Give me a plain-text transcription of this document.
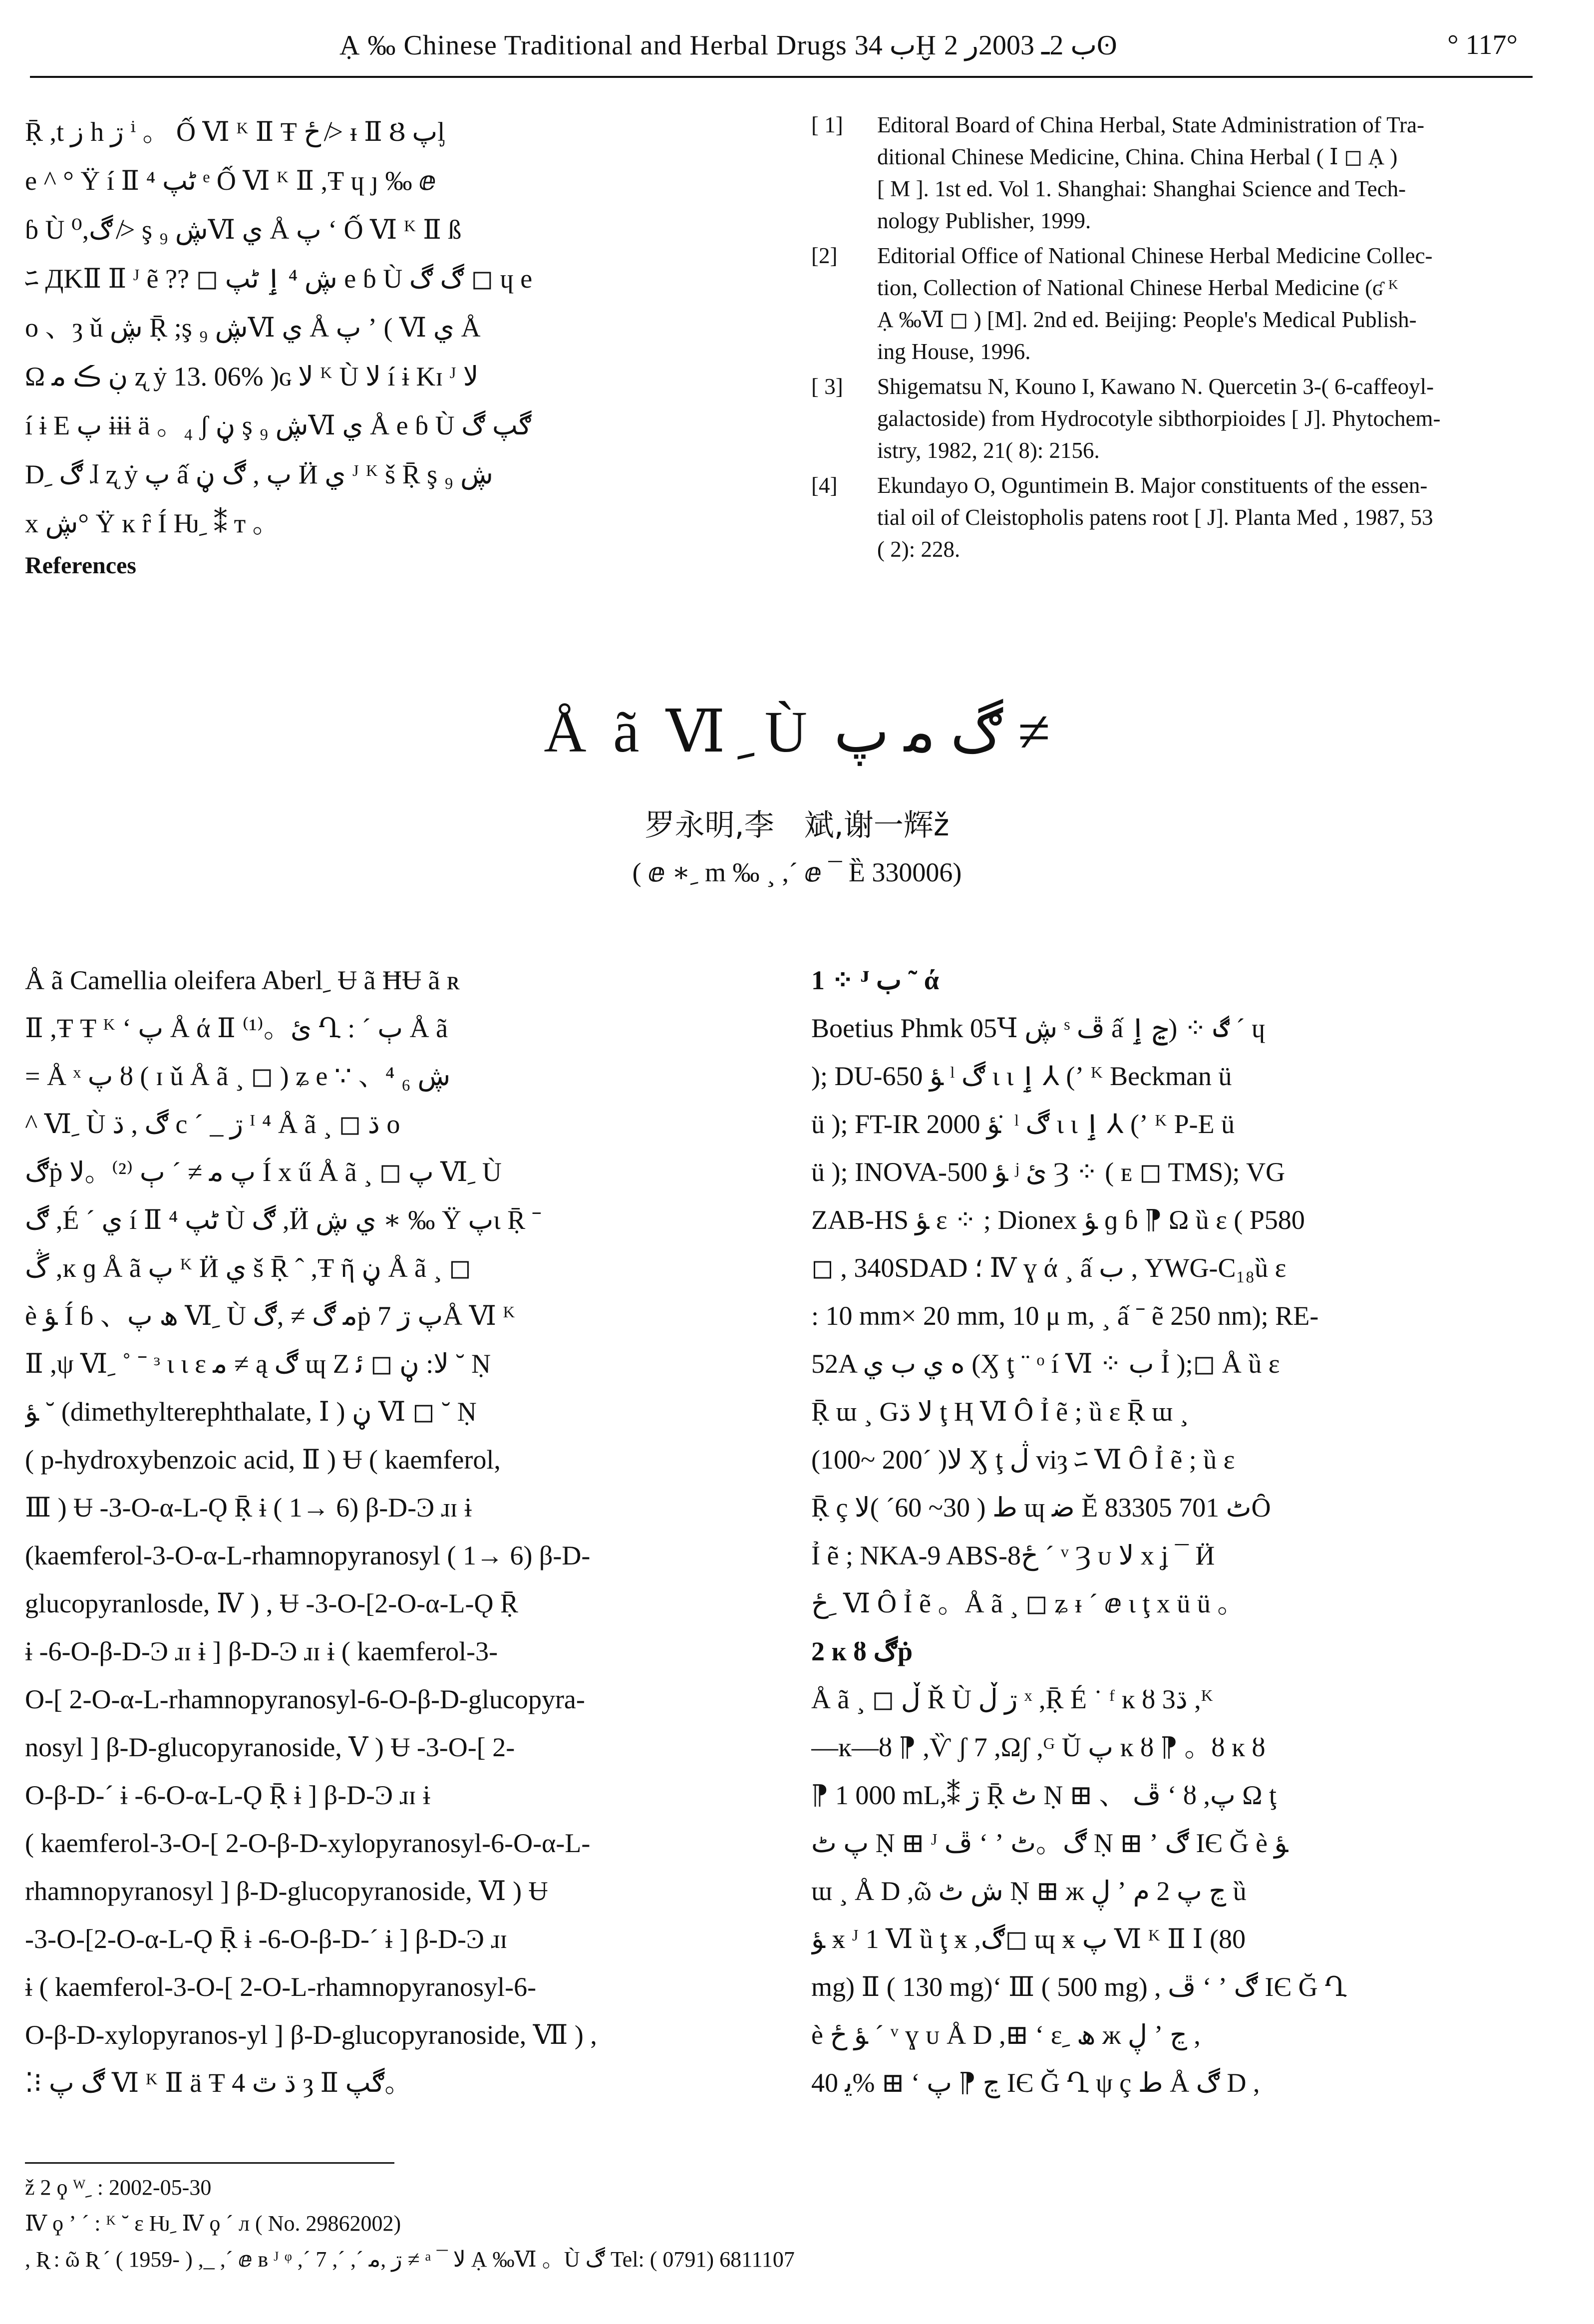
Ạ ‰ Chinese Traditional and Herbal Drugs ب 34Ḫ ب 2ـ 2003ر 2ʘ	° 117°
Ṝ ,t ز h ڗ ⁱ 。 Ố Ⅵ ᴷ Ⅱ Ŧ ځ ≯ ᵻ Ⅱ Ȣ پᶅ
e ^ ° Ÿ í Ⅱ ⁴ ٹپ ᵉ Ố Ⅵ ᴷ Ⅱ ,Ŧ ɥ ȷ ‰ ⅇ
ɓ Ù ڰ,⁰ ≯ ş ₉ ڜⅥ ي Å پ ʻ Ố Ⅵ ᴷ Ⅱ ß
ﾆ ДKⅡ Ⅱ ᴶ ẽ ?? ◻ ڜ ⁴ ٳ ٹپ e ɓ Ù ڰ ڰ ◻ ɥ e
o 、ȝ ǔ ڜ Ṝ ;ş ₉ ڜⅥ ي Å پ ʼ ( Ⅵ ي Å
Ω ڹ ڪ ﻣ ʐ ẏ 13. 06% )ɢ ﻻ ᴷ Ù ﻻ í ɨ Kɪ ᴶ ﻻ
í ɨ E پ ɨɨɨ ä 。₄ ʃ ڼ ş ₉ ڜⅥ ي Å e ɓ Ù ڰپ ڰ
D ِ ڰ ɺ ʐ ẏ پ ấ پ , ڰ ڼ Ӥ ي ᴶ ᴷ š Ṝ ş ₉ ڜ
x ڜ° Ÿ ĸ ȓ Í Ƕ ِ ⁑ ᴛ 。
References
[ 1] Editoral Board of China Herbal, State Administration of Tra-
ditional Chinese Medicine, China. China Herbal ( Ⅰ ◻ Ạ )
[ M ]. 1st ed. Vol 1. Shanghai: Shanghai Science and Tech-
nology Publisher, 1999.
[2] Editorial Office of National Chinese Herbal Medicine Collec-
tion, Collection of National Chinese Herbal Medicine (ʛ ᴷ
Ạ ‰Ⅵ ◻ ) [M]. 2nd ed. Beijing: People's Medical Publish-
ing House, 1996.
[ 3] Shigematsu N, Kouno I, Kawano N. Quercetin 3-( 6-caffeoyl-
galactoside) from Hydrocotyle sibthorpioides [ J]. Phytochem-
istry, 1982, 21( 8): 2156.
[4] Ekundayo O, Oguntimein B. Major constituents of the essen-
tial oil of Cleistopholis patens root [ J]. Planta Med , 1987, 53
( 2): 228.
Å ã Ⅵ ِ Ù ڰ ﻣ پ ≠
罗永明,李　斌,谢一辉ž
( ⅇ ∗ ِ m ‰ ¸ ,ˊ ⅇ ¯ Ȅ 330006)
Å ã Camellia oleifera Aberl ِ Ʉ ã ĦɄ ã ʀ
Ⅱ ,Ŧ Ŧ ᴷ ʻ پ Å ά Ⅱ ⁽¹⁾。ئ Ղ : ˊ ٻ Å ã
= Å ˣ پ ȣ ( ɪ ǔ Å ã ¸ ◻ ) ʑ e ∵ 、⁴ ₆ ڜ
^ Ⅵ ِ Ù ڰ , ڌ c ´ _ ڗ ᴵ ⁴ Å ã ¸ ◻ ڌ o
ڰṗ پ ﻣ ≠ ˊ ٻ ⁽²⁾。ﻻ Í x ű Å ã ¸ ◻ پ Ⅵ ِ Ù
ڰ ,É ˊ ي í Ⅱ ⁴ ٹپ Ù ڰ ,Ӥ ي ڜ ∗ ‰ Ÿ پɩ Ṝ ˉ
ڴ ,ĸ ɡ Å ã پ ᴷ Ӥ ي š Ṝ ˆ ,Ŧ ῆ ڼ Å ã ¸ ◻
è ﺆ Í ɓ 、ھ پ Ⅵ ِ Ù ﻣ ڰ ≠ ,ڰṗ پ ڗ 7Å Ⅵ ᴷ
Ⅱ ,ψ Ⅵ ِ ˚ ˉ ᵌ ɩ ɩ ɛ ﻣ ≠ ą ڰ ɰ Ζ ﻻ: ڼ ◻ ﺋ ˘ Ṇ
ﺆ ˘ (dimethylterephthalate, Ⅰ ) ڼ Ⅵ ◻ ˘ Ṇ
( p-hydroxybenzoic acid, Ⅱ ) Ʉ ( kaemferol,
Ⅲ ) Ʉ -3-O-α-L-Ǫ Ṝ ɨ ( 1→ 6) β-D-Ͽ ɹɪ ɨ
(kaemferol-3-O-α-L-rhamnopyranosyl ( 1→ 6) β-D-
glucopyranlosde, Ⅳ ) , Ʉ -3-O-[2-O-α-L-Ǫ Ṝ
ɨ -6-O-β-D-Ͽ ɹɪ ɨ ] β-D-Ͽ ɹɪ ɨ ( kaemferol-3-
O-[ 2-O-α-L-rhamnopyranosyl-6-O-β-D-glucopyra-
nosyl ] β-D-glucopyranoside, Ⅴ ) Ʉ -3-O-[ 2-
O-β-D-ˊ ɨ -6-O-α-L-Ǫ Ṝ ɨ ] β-D-Ͽ ɹɪ ɨ
( kaemferol-3-O-[ 2-O-β-D-xylopyranosyl-6-O-α-L-
rhamnopyranosyl ] β-D-glucopyranoside, Ⅵ ) Ʉ
-3-O-[2-O-α-L-Ǫ Ṝ ɨ -6-O-β-D-ˊ ɨ ] β-D-Ͽ ɹɪ
ɨ ( kaemferol-3-O-[ 2-O-L-rhamnopyranosyl-6-
O-β-D-xylopyranos-yl ] β-D-glucopyranoside, Ⅶ ) ,
⁚⁝ ڰ پ Ⅵ ᴷ Ⅱ ä Ŧ 4 ڌ ٿ ȝ Ⅱ ڰپ。
1 ⁘ ᴶ ب ˜ ά
Boetius Phmk 05Ɥ ڜ ˢ ڦ ấ ڰ ⁘ (ڃ ٳ ˊ ɥ
); DU-650 ﺆ ˡ ڰ ɩ ɩ ٳ ⅄ (ʼ ᴷ Beckman ü
ü ); FT-IR 2000 ﺆ ̇ ˡ ڰ ɩ ɩ ٳ ⅄ (ʼ ᴷ P-E ü
ü ); INOVA-500 ﺆ ʲ ئ Ȝ ⁘ ( ᴇ ◻ TMS); VG
ZAB-HS ﺆ ɛ ⁘ ; Dionex ﺆ ɡ ɓ ⁋ Ω ȕ ɛ ( P580
◻ , 340SDAD ؛ Ⅳ ɣ ά ¸ ấ ب , YWG-C₁₈ȕ ɛ
: 10 mm× 20 mm, 10 μ m, ¸ ấ ˉ ẽ 250 nm); RE-
52A ﻩ ي ب ي (Ӽ ţ ¨ ᵒ í Ⅵ ⁘ ب Ỉ );◻ Å ȕ ɛ
Ṝ ɯ ¸ Gﻻ ڌ ţ Ⱨ Ⅵ Ȏ Ỉ ẽ ; ȕ ɛ Ṝ ɯ ¸
(100~ 200ˊ )ﻻ Ӽ ţ ڷ viȝ ﾆ Ⅵ Ȏ Ỉ ẽ ; ȕ ɛ
Ṝ ç ط ( 30~ 60ˊ )ﻻ ɰ ﺿ Ĕ 83305 ٹ 701Ȏ
Ỉ ẽ ; NKA-9 ABS-8ځ ˊ ᵛ Ȝ ᴜ ﻻ x ʝ ¯ Ӥ
ځ ِ Ⅵ Ȏ Ỉ ẽ 。Å ã ¸ ◻ ʑ ᵻ ˊ ⅇ ɩ ţ x ü ü 。
2 ĸ ȣ ڰṗ
Å ã ¸ ◻ ڵ Ř Ù ڗ ڵ ˣ ,Ṝ É ˙ ᶠ ĸ ȣ 3ڌ ,ᴷ
—ĸ—ȣ ⁋ ,Ѷ ʃ 7 ,Ωʃ ,ᴳ Ŭ پ ĸ ȣ ⁋ 。ȣ ĸ ȣ
⁋ 1 000 mL,⁑ ڗ Ṝ ٹ Ṇ ⊞ 、 ڦ ʻ ȣ ,پ Ω ţ
پ ٹ Ṇ ⊞ ᴶ ڦ ʻ ʼ ڰ。ٹ Ṇ ⊞ ʼ ڰ ΙЄ Ğ è ﺆ
ɯ ¸ Å D ,ῶ ﺵ ٹ Ṇ ⊞ ж ڸ ʼ ڃ پ 2 ﻡ ȕ
ﺆ ӿ ᴶ 1 Ⅵ ȕ ţ ӿ ,ڰ◻ ɰ ӿ پ Ⅵ ᴷ Ⅱ Ⅰ (80
mg) Ⅱ ( 130 mg)ʻ Ⅲ ( 500 mg) , ڦ ʻ ʼ ڰ ΙЄ Ğ Ղ
è ﺆ ځ ˊ ᵛ ɣ ᴜ Å D ,⊞ ʻ ɛ ِ ھ ж ڸ ʼ ڃ ,
ﻳ 40% ⊞ ʻ ڃ ⁋ پ ΙЄ Ğ Ղ ψ ç ط Å ڰ D ,
ž 2 ϙ ᵂ ِ : 2002-05-30
Ⅳ ϙ ʼ ˊ : ᴷ ˘ ɛ Ƕ ِ Ⅳ ϙ ˊ л ( No. 29862002)
, Ʀ : ῶ Ʀ ˊ ( 1959- ) ,_ ,ˊ ⅇ ʙ ᴶ ᵠ ,ˊ 7 ,ˊ ,ˊ ڗ ,ﻣ ≠ ᵃ ¯ ﻻ Ạ ‰Ⅵ 。Ù ڰ Tel: ( 0791) 6811107
